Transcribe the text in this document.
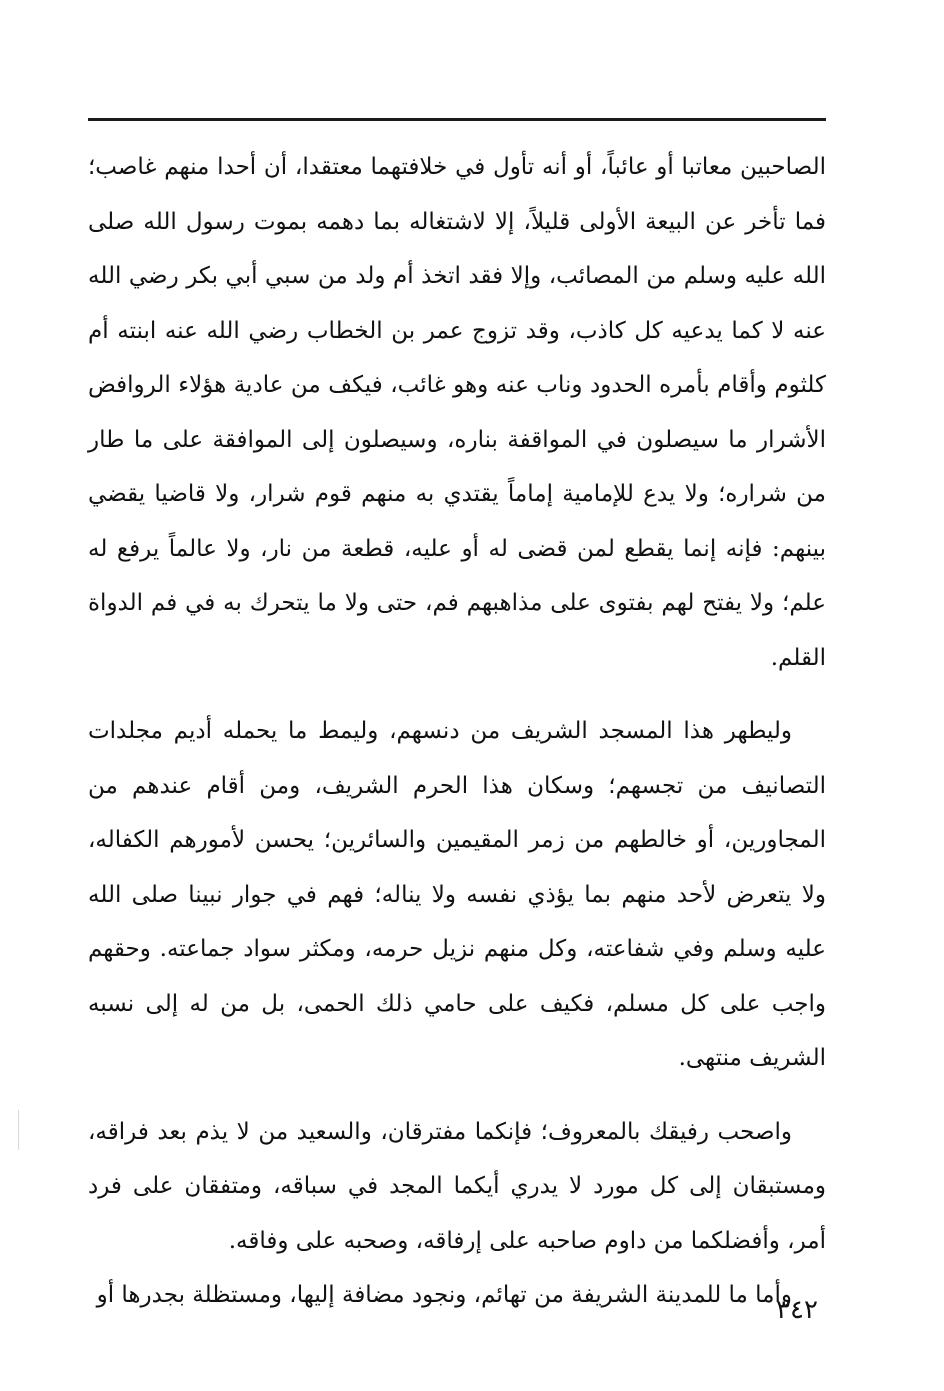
الصاحبين معاتبا أو عائباً، أو أنه تأول في خلافتهما معتقدا، أن أحدا منهم غاصب؛ فما تأخر عن البيعة الأولى قليلاً، إلا لاشتغاله بما دهمه بموت رسول الله صلى الله عليه وسلم من المصائب، وإلا فقد اتخذ أم ولد من سبي أبي بكر رضي الله عنه لا كما يدعيه كل كاذب، وقد تزوج عمر بن الخطاب رضي الله عنه ابنته أم كلثوم وأقام بأمره الحدود وناب عنه وهو غائب، فيكف من عادية هؤلاء الروافض الأشرار ما سيصلون في المواقفة بناره، وسيصلون إلى الموافقة على ما طار من شراره؛ ولا يدع للإمامية إماماً يقتدي به منهم قوم شرار، ولا قاضيا يقضي بينهم: فإنه إنما يقطع لمن قضى له أو عليه، قطعة من نار، ولا عالماً يرفع له علم؛ ولا يفتح لهم بفتوى على مذاهبهم فم، حتى ولا ما يتحرك به في فم الدواة القلم.

وليطهر هذا المسجد الشريف من دنسهم، وليمط ما يحمله أديم مجلدات التصانيف من تجسهم؛ وسكان هذا الحرم الشريف، ومن أقام عندهم من المجاورين، أو خالطهم من زمر المقيمين والسائرين؛ يحسن لأمورهم الكفاله، ولا يتعرض لأحد منهم بما يؤذي نفسه ولا يناله؛ فهم في جوار نبينا صلى الله عليه وسلم وفي شفاعته، وكل منهم نزيل حرمه، ومكثر سواد جماعته. وحقهم واجب على كل مسلم، فكيف على حامي ذلك الحمى، بل من له إلى نسبه الشريف منتهى.

واصحب رفيقك بالمعروف؛ فإنكما مفترقان، والسعيد من لا يذم بعد فراقه، ومستبقان إلى كل مورد لا يدري أيكما المجد في سباقه، ومتفقان على فرد أمر، وأفضلكما من داوم صاحبه على إرفاقه، وصحبه على وفاقه.

وأما ما للمدينة الشريفة من تهائم، ونجود مضافة إليها، ومستظلة بجدرها أو

٣٤٢
